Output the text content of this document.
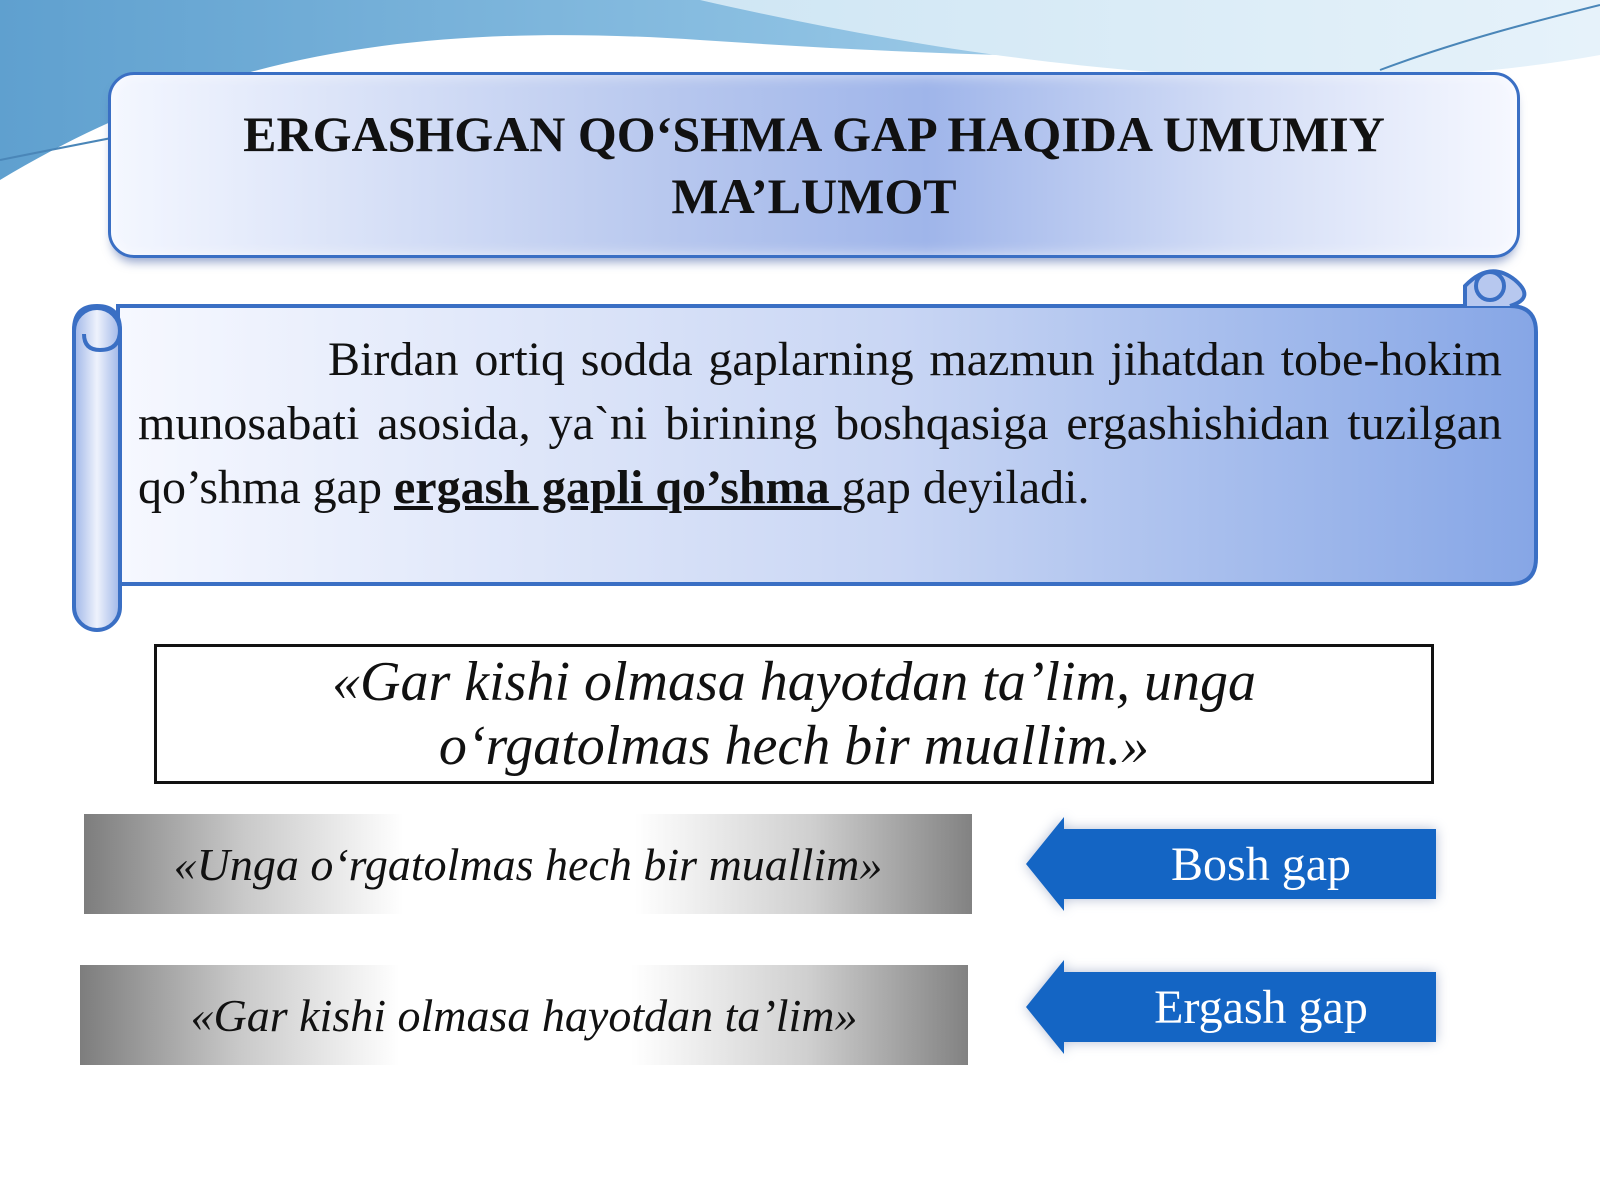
ERGASHGAN QO‘SHMA GAP HAQIDA UMUMIY MA’LUMOT
Birdan ortiq sodda gaplarning mazmun jihatdan tobe-hokim munosabati asosida, ya`ni birining boshqasiga ergashishidan tuzilgan qo’shma gap ergash gapli qo’shma gap deyiladi.
«Gar kishi olmasa hayotdan ta’lim, unga o‘rgatolmas hech bir muallim.»
«Unga o‘rgatolmas hech bir muallim»	Bosh gap
«Gar kishi olmasa hayotdan ta’lim»	Ergash gap
